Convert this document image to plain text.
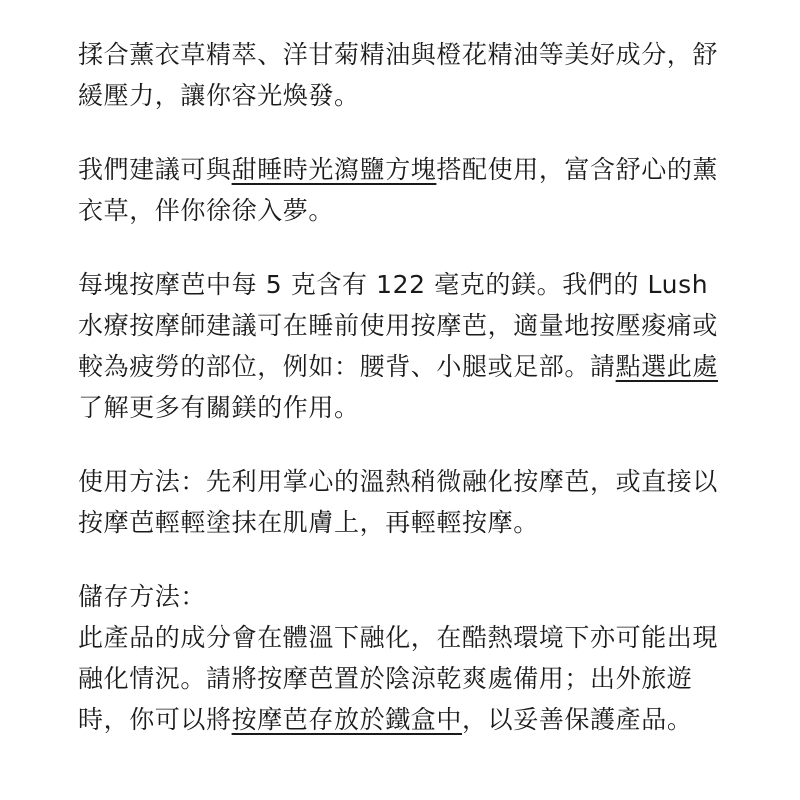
揉合薰衣草精萃、洋甘菊精油與橙花精油等美好成分，舒緩壓力，讓你容光煥發。

我們建議可與甜睡時光瀉鹽方塊搭配使用，富含舒心的薰衣草，伴你徐徐入夢。

每塊按摩芭中每 5 克含有 122 毫克的鎂。我們的 Lush 水療按摩師建議可在睡前使用按摩芭，適量地按壓痠痛或較為疲勞的部位，例如：腰背、小腿或足部。請點選此處了解更多有關鎂的作用。

使用方法：先利用掌心的溫熱稍微融化按摩芭，或直接以按摩芭輕輕塗抹在肌膚上，再輕輕按摩。

儲存方法：
此產品的成分會在體溫下融化，在酷熱環境下亦可能出現融化情況。請將按摩芭置於陰涼乾爽處備用；出外旅遊時，你可以將按摩芭存放於鐵盒中，以妥善保護產品。
